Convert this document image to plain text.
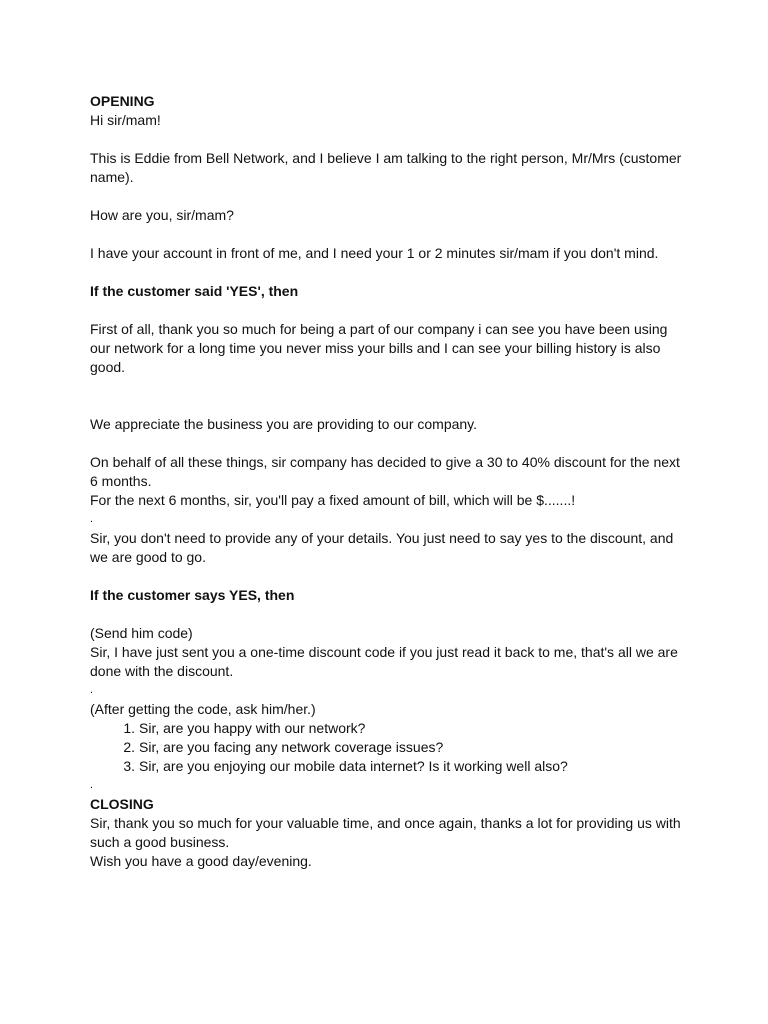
OPENING

Hi sir/mam!

This is Eddie from Bell Network, and I believe I am talking to the right person, Mr/Mrs (customer name).

How are you, sir/mam?

I have your account in front of me, and I need your 1 or 2 minutes sir/mam if you don't mind.

If the customer said 'YES', then

First of all, thank you so much for being a part of our company i can see you have been using our network for a long time you never miss your bills and I can see your billing history is also good.

We appreciate the business you are providing to our company.

On behalf of all these things, sir company has decided to give a 30 to 40% discount for the next 6 months.

For the next 6 months, sir, you'll pay a fixed amount of bill, which will be $.......!

.

Sir, you don't need to provide any of your details. You just need to say yes to the discount, and we are good to go.

If the customer says YES, then

(Send him code)

Sir, I have just sent you a one-time discount code if you just read it back to me, that's all we are done with the discount.

.

(After getting the code, ask him/her.)

1. Sir, are you happy with our network?
2. Sir, are you facing any network coverage issues?
3. Sir, are you enjoying our mobile data internet? Is it working well also?

.

CLOSING

Sir, thank you so much for your valuable time, and once again, thanks a lot for providing us with such a good business.

Wish you have a good day/evening.
